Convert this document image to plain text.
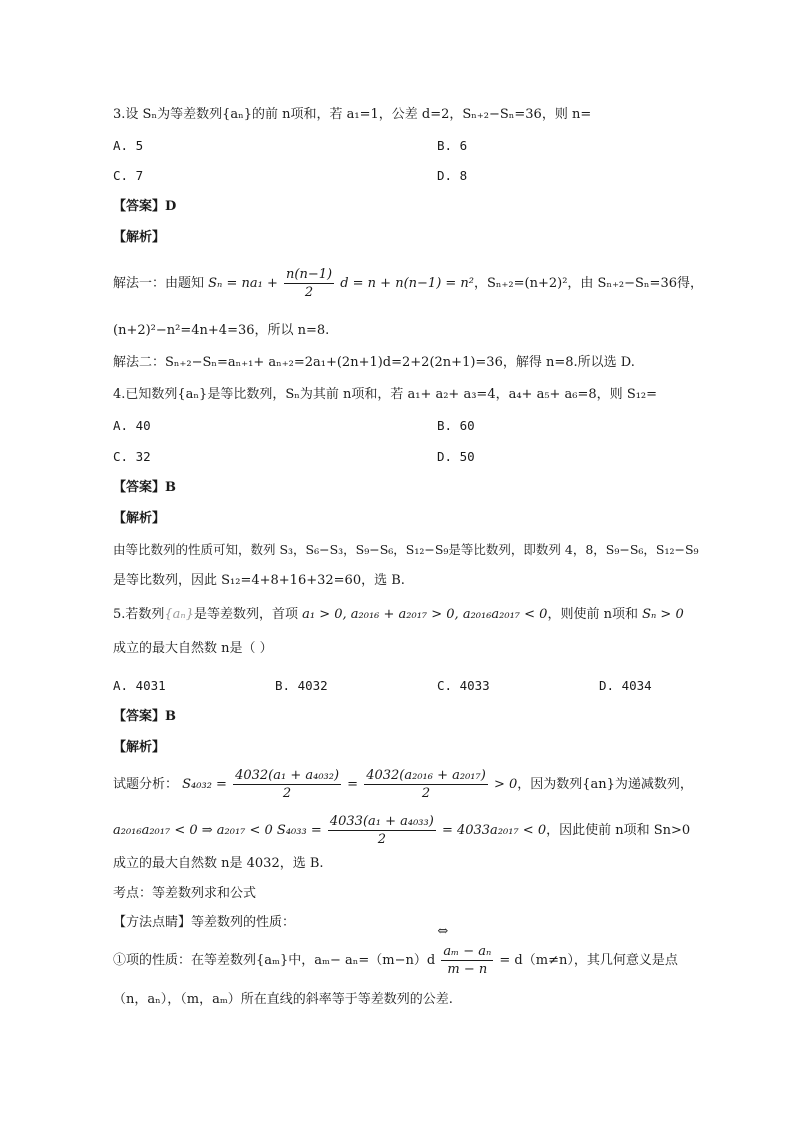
3.设 Sₙ为等差数列{aₙ}的前 n项和，若 a₁=1，公差 d=2，Sₙ₊₂−Sₙ=36，则 n=
A. 5	B. 6
C. 7	D. 8
【答案】D
【解析】
解法一：由题知 $S_n = na_1 + \frac{n(n-1)}{2}$ d = n + n(n−1) = n²，Sₙ₊₂=(n+2)²，由 Sₙ₊₂−Sₙ=36得，
(n+2)²−n²=4n+4=36，所以 n=8.
解法二：Sₙ₊₂−Sₙ=aₙ₊₁+ aₙ₊₂=2a₁+(2n+1)d=2+2(2n+1)=36，解得 n=8.所以选 D.
4.已知数列{aₙ}是等比数列，Sₙ为其前 n项和，若 a₁+ a₂+ a₃=4，a₄+ a₅+ a₆=8，则 S₁₂=
A. 40	B. 60
C. 32	D. 50
【答案】B
【解析】
由等比数列的性质可知，数列 S₃，S₆−S₃，S₉−S₆，S₁₂−S₉是等比数列，即数列 4，8，S₉−S₆，S₁₂−S₉
是等比数列，因此 S₁₂=4+8+16+32=60，选 B.
5.若数列{aₙ}是等差数列，首项 a₁ > 0, a₂₀₁₆ + a₂₀₁₇ > 0, a₂₀₁₆a₂₀₁₇ < 0，则使前 n项和 Sₙ > 0
成立的最大自然数 n是（ ）
A. 4031	B. 4032	C. 4033	D. 4034
【答案】B
【解析】
试题分析： $S_{4032} = \frac{\text{4032(a₁ + a₄₀₃₂)}}{2} = \frac{\text{4032(a₂₀₁₆ + a₂₀₁₇)}}{2} > 0$，因为数列{an}为递减数列，
a₂₀₁₆a₂₀₁₇ < 0 ⇒ a₂₀₁₇ < 0 $S_{4033} = \frac{\text{4033(a₁ + a₄₀₃₃)}}{2} = 4033a_{2017} < 0$，因此使前 n项和 Sn>0
成立的最大自然数 n是 4032，选 B.
考点：等差数列求和公式
【方法点睛】等差数列的性质：
①项的性质：在等差数列{aₘ}中，aₘ− aₙ=（m−n）d
⇔
$\frac{\text{aₘ − aₙ}}{m - n} = d(m\ne n)$，其几何意义是点
（n，aₙ），（m，aₘ）所在直线的斜率等于等差数列的公差.
